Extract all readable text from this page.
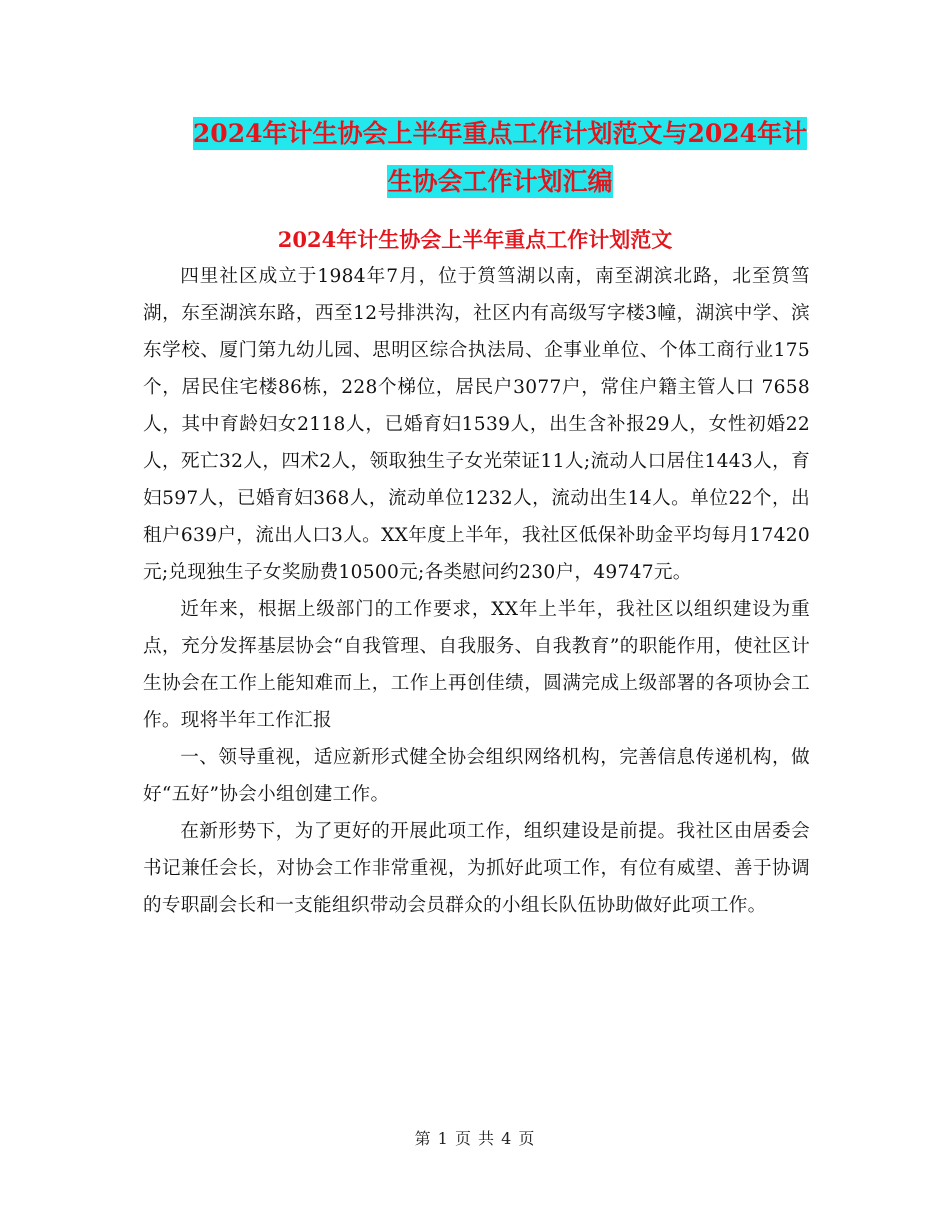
2024年计生协会上半年重点工作计划范文与2024年计
生协会工作计划汇编
2024年计生协会上半年重点工作计划范文

四里社区成立于1984年7月，位于筼筜湖以南，南至湖滨北路，北至筼筜湖，东至湖滨东路，西至12号排洪沟，社区内有高级写字楼3幢，湖滨中学、滨东学校、厦门第九幼儿园、思明区综合执法局、企事业单位、个体工商行业175个，居民住宅楼86栋，228个梯位，居民户3077户，常住户籍主管人口 7658人，其中育龄妇女2118人，已婚育妇1539人，出生含补报29人，女性初婚22人，死亡32人，四术2人，领取独生子女光荣证11人;流动人口居住1443人，育妇597人，已婚育妇368人，流动单位1232人，流动出生14人。单位22个，出租户639户，流出人口3人。XX年度上半年，我社区低保补助金平均每月17420元;兑现独生子女奖励费10500元;各类慰问约230户，49747元。

近年来，根据上级部门的工作要求，XX年上半年，我社区以组织建设为重点，充分发挥基层协会“自我管理、自我服务、自我教育”的职能作用，使社区计生协会在工作上能知难而上，工作上再创佳绩，圆满完成上级部署的各项协会工作。现将半年工作汇报

一、领导重视，适应新形式健全协会组织网络机构，完善信息传递机构，做好“五好”协会小组创建工作。

在新形势下，为了更好的开展此项工作，组织建设是前提。我社区由居委会书记兼任会长，对协会工作非常重视，为抓好此项工作，有位有威望、善于协调的专职副会长和一支能组织带动会员群众的小组长队伍协助做好此项工作。

第 1 页 共 4 页
